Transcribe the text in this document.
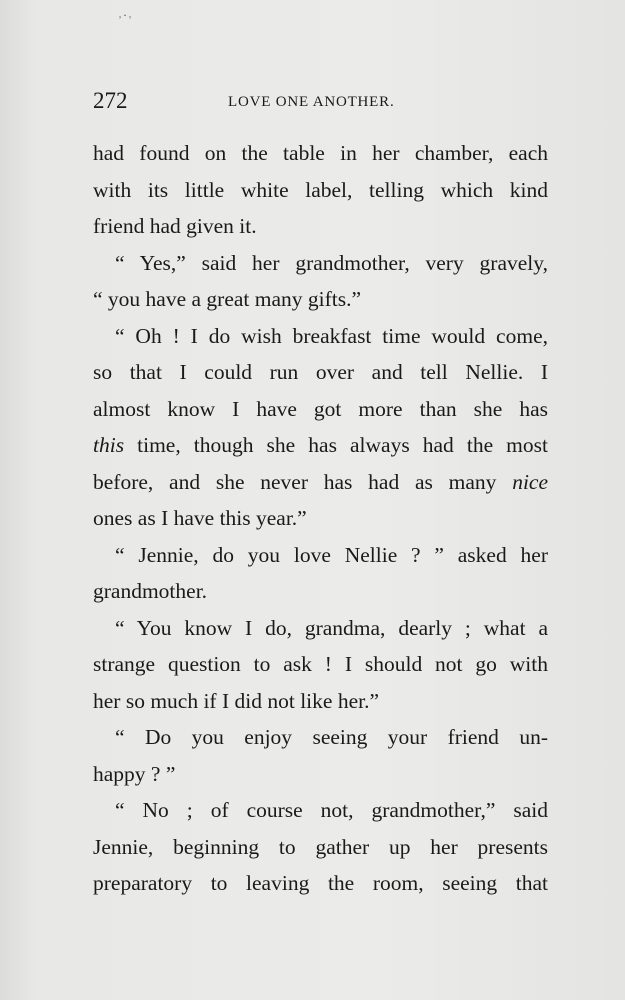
˒·˒
272	LOVE ONE ANOTHER.
had found on the table in her chamber, each
with its little white label, telling which kind
friend had given it.
“ Yes,” said her grandmother, very gravely,
“ you have a great many gifts.”
“ Oh ! I do wish breakfast time would come,
so that I could run over and tell Nellie. I
almost know I have got more than she has
this time, though she has always had the most
before, and she never has had as many nice
ones as I have this year.”
“ Jennie, do you love Nellie ? ” asked her
grandmother.
“ You know I do, grandma, dearly ; what a
strange question to ask ! I should not go with
her so much if I did not like her.”
“ Do you enjoy seeing your friend un-
happy ? ”
“ No ; of course not, grandmother,” said
Jennie, beginning to gather up her presents
preparatory to leaving the room, seeing that
